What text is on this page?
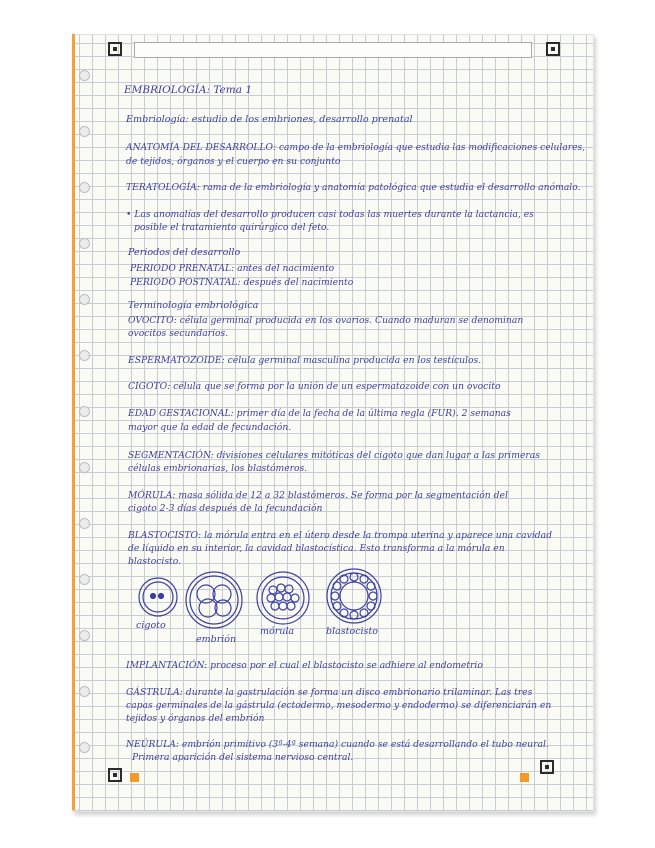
EMBRIOLOGÍA: Tema 1
Embriología: estudio de los embriones, desarrollo prenatal
ANATOMÍA DEL DESARROLLO: campo de la embriología que estudia las modificaciones celulares,
de tejidos, órganos y el cuerpo en su conjunto
TERATOLOGÍA: rama de la embriología y anatomía patológica que estudia el desarrollo anómalo.
• Las anomalías del desarrollo producen casi todas las muertes durante la lactancia, es
posible el tratamiento quirúrgico del feto.
Periodos del desarrollo
PERIODO PRENATAL: antes del nacimiento
PERIODO POSTNATAL: después del nacimiento
Terminología embriológica
OVOCITO: célula germinal producida en los ovarios. Cuando maduran se denominan
ovocitos secundarios.
ESPERMATOZOIDE: célula germinal masculina producida en los testículos.
CIGOTO: célula que se forma por la unión de un espermatozoide con un ovocito
EDAD GESTACIONAL: primer día de la fecha de la última regla (FUR). 2 semanas
mayor que la edad de fecundación.
SEGMENTACIÓN: divisiones celulares mitóticas del cigoto que dan lugar a las primeras
células embrionarias, los blastómeros.
MÓRULA: masa sólida de 12 a 32 blastómeros. Se forma por la segmentación del
cigoto 2-3 días después de la fecundación
BLASTOCISTO: la mórula entra en el útero desde la trompa uterina y aparece una cavidad
de líquido en su interior, la cavidad blastocística. Esto transforma a la mórula en
blastocisto.
cigoto
embrión
mórula	blastocisto
IMPLANTACIÓN: proceso por el cual el blastocisto se adhiere al endometrio
GÁSTRULA: durante la gastrulación se forma un disco embrionario trilaminar. Las tres
capas germinales de la gástrula (ectodermo, mesodermo y endodermo) se diferenciarán en
tejidos y órganos del embrión
NEÚRULA: embrión primitivo (3ª-4ª semana) cuando se está desarrollando el tubo neural.
Primera aparición del sistema nervioso central.
